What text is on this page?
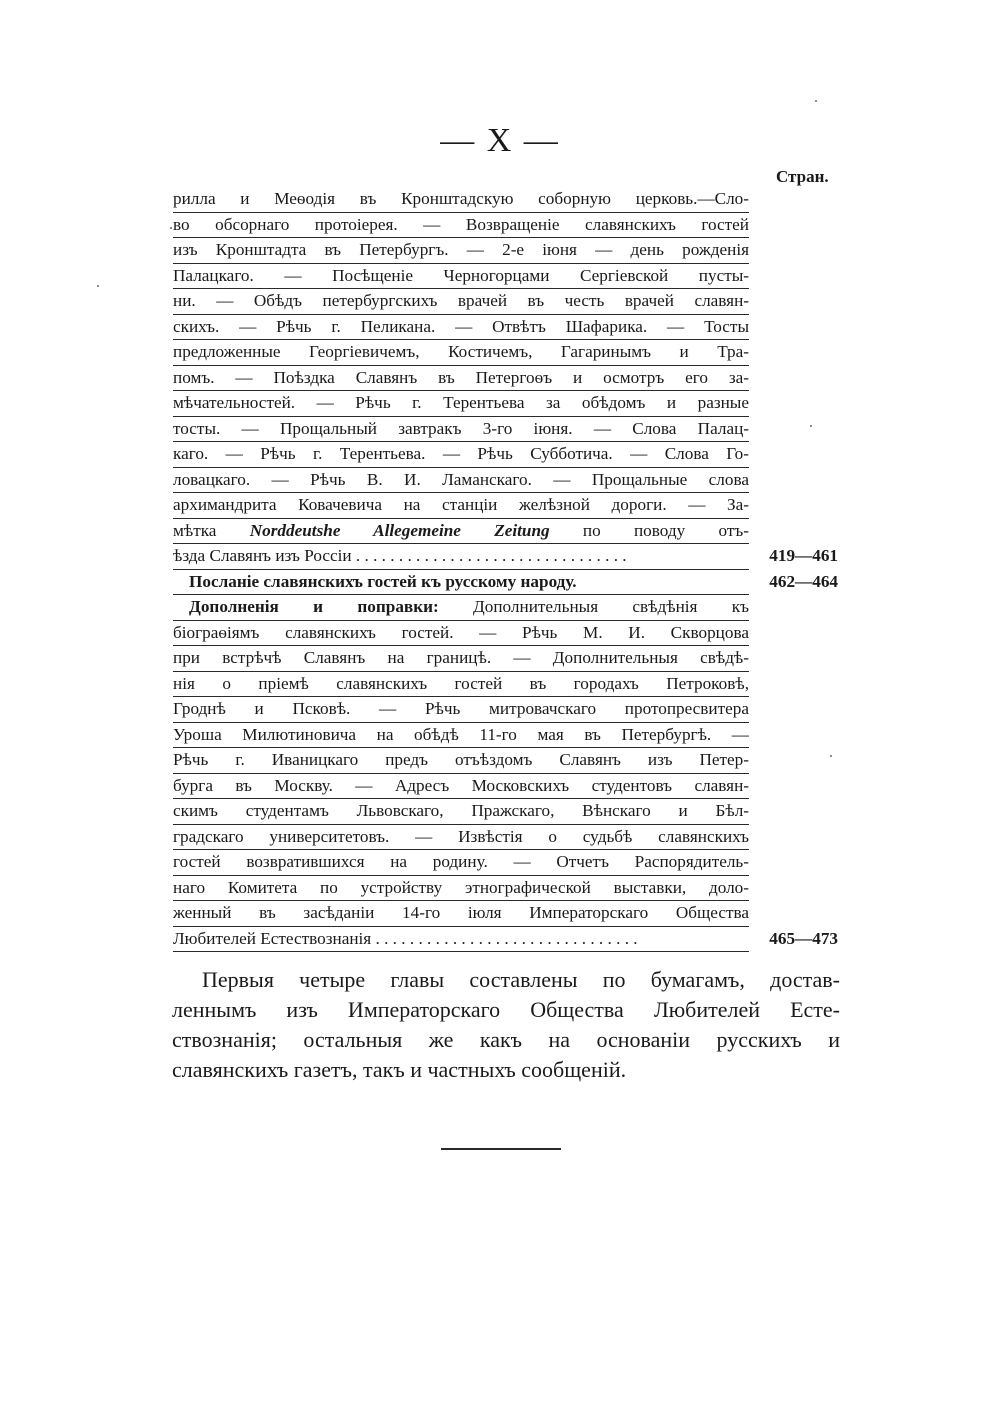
— X —
Стран.
рилла и Меѳодія въ Кронштадскую соборную церковь.—Сло-
во обсорнаго протоіерея. — Возвращеніе славянскихъ гостей
изъ Кронштадта въ Петербургъ. — 2-е іюня — день рожденія
Палацкаго. — Посѣщеніе Черногорцами Сергіевской пусты-
ни. — Обѣдъ петербургскихъ врачей въ честь врачей славян-
скихъ. — Рѣчь г. Пеликана. — Отвѣтъ Шафарика. — Тосты
предложенные Георгіевичемъ, Костичемъ, Гагаринымъ и Тра-
помъ. — Поѣздка Славянъ въ Петергоѳъ и осмотръ его за-
мѣчательностей. — Рѣчь г. Терентьева за обѣдомъ и разные
тосты. — Прощальный завтракъ 3-го іюня. — Слова Палац-
каго. — Рѣчь г. Терентьева. — Рѣчь Субботича. — Слова Го-
ловацкаго. — Рѣчь В. И. Ламанскаго. — Прощальные слова
архимандрита Ковачевича на станціи желѣзной дороги. — За-
мѣтка Norddeutshe Allegemeine Zeitung по поводу отъ-
ѣзда Славянъ изъ Россіи . . . . . . . . . . . . . . . . . . . . . . . . . . . . . . . .	419—461
Посланіе славянскихъ гостей къ русскому народу.	462—464
Дополненія и поправки: Дополнительныя свѣдѣнія къ
біограѳіямъ славянскихъ гостей. — Рѣчь М. И. Скворцова
при встрѣчѣ Славянъ на границѣ. — Дополнительныя свѣдѣ-
нія о пріемѣ славянскихъ гостей въ городахъ Петроковѣ,
Гроднѣ и Псковѣ. — Рѣчь митровачскаго протопресвитера
Уроша Милютиновича на обѣдѣ 11-го мая въ Петербургѣ. —
Рѣчь г. Иваницкаго предъ отъѣздомъ Славянъ изъ Петер-
бурга въ Москву. — Адресъ Московскихъ студентовъ славян-
скимъ студентамъ Львовскаго, Пражскаго, Вѣнскаго и Бѣл-
градскаго университетовъ. — Извѣстія о судьбѣ славянскихъ
гостей возвратившихся на родину. — Отчетъ Распорядитель-
наго Комитета по устройству этнографической выставки, доло-
женный въ засѣданіи 14-го іюля Императорскаго Общества
Любителей Естествознанія . . . . . . . . . . . . . . . . . . . . . . . . . . . . . . .	465—473
Первыя четыре главы составлены по бумагамъ, достав-
леннымъ изъ Императорскаго Общества Любителей Есте-
ствознанія; остальныя же какъ на основаніи русскихъ и
славянскихъ газетъ, такъ и частныхъ сообщеній.
